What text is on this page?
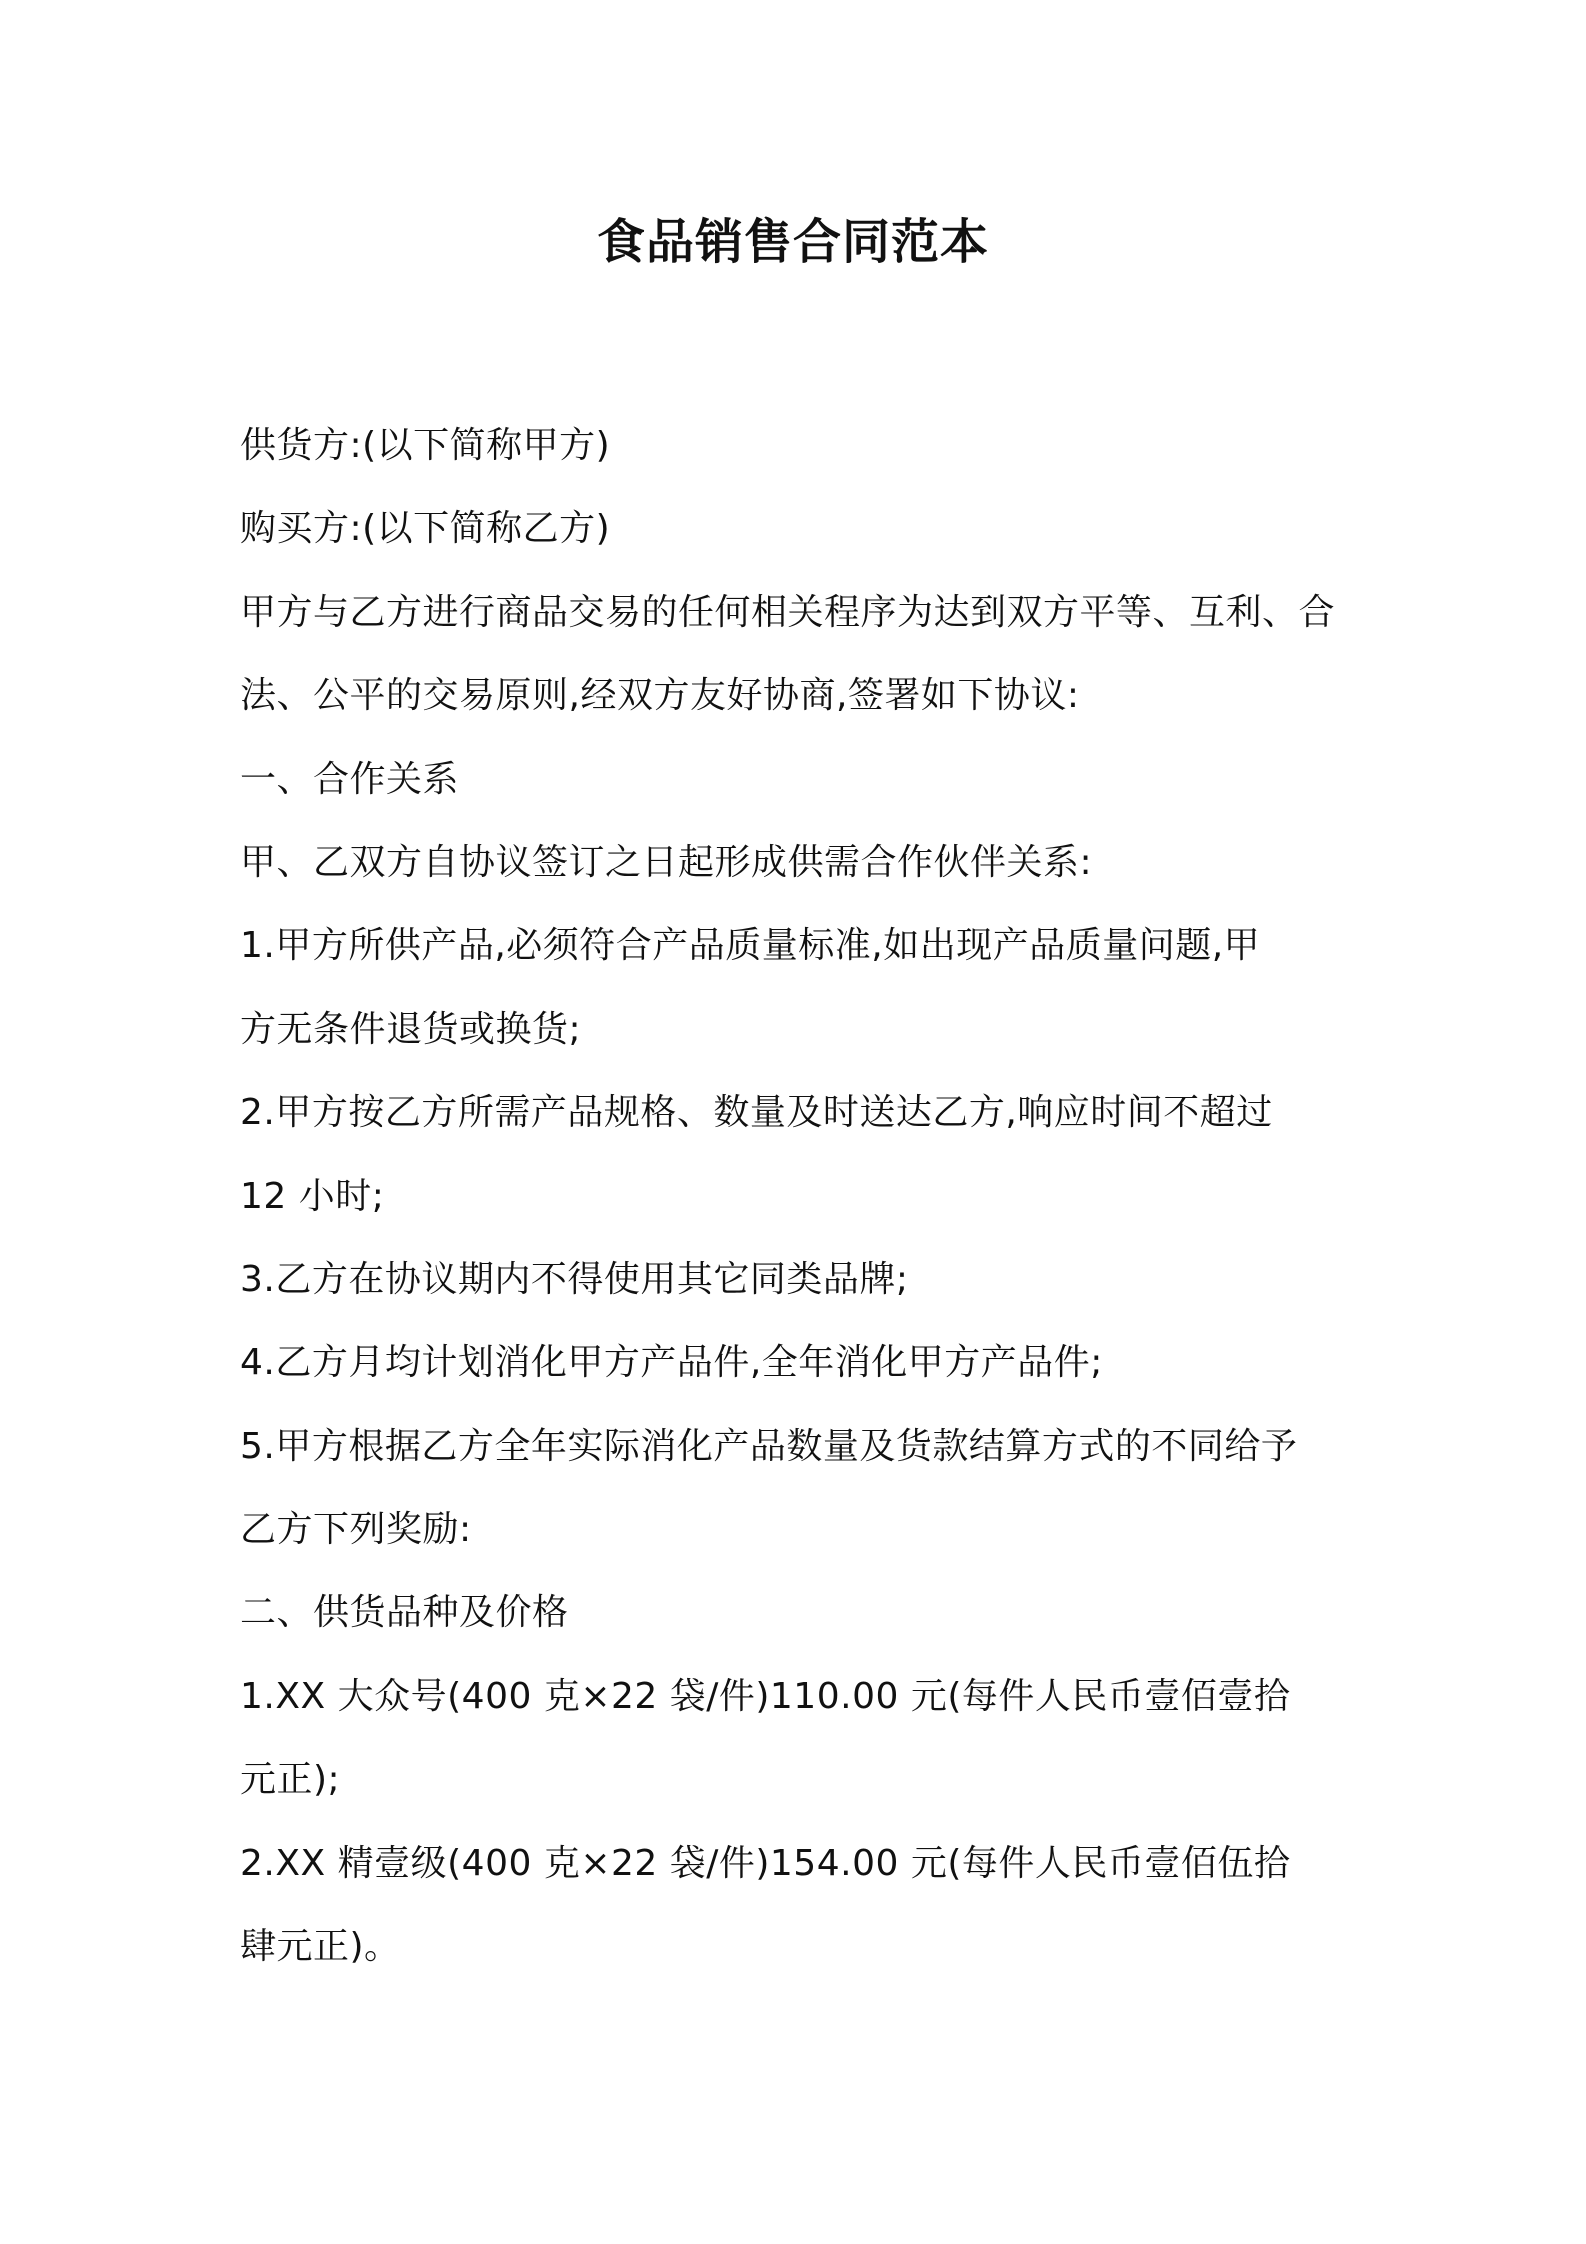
食品销售合同范本
供货方:(以下简称甲方)
购买方:(以下简称乙方)
甲方与乙方进行商品交易的任何相关程序为达到双方平等、互利、合
法、公平的交易原则,经双方友好协商,签署如下协议:
一、合作关系
甲、乙双方自协议签订之日起形成供需合作伙伴关系:
1.甲方所供产品,必须符合产品质量标准,如出现产品质量问题,甲
方无条件退货或换货;
2.甲方按乙方所需产品规格、数量及时送达乙方,响应时间不超过
12 小时;
3.乙方在协议期内不得使用其它同类品牌;
4.乙方月均计划消化甲方产品件,全年消化甲方产品件;
5.甲方根据乙方全年实际消化产品数量及货款结算方式的不同给予
乙方下列奖励:
二、供货品种及价格
1.XX 大众号(400 克×22 袋/件)110.00 元(每件人民币壹佰壹拾
元正);
2.XX 精壹级(400 克×22 袋/件)154.00 元(每件人民币壹佰伍拾
肆元正)。
